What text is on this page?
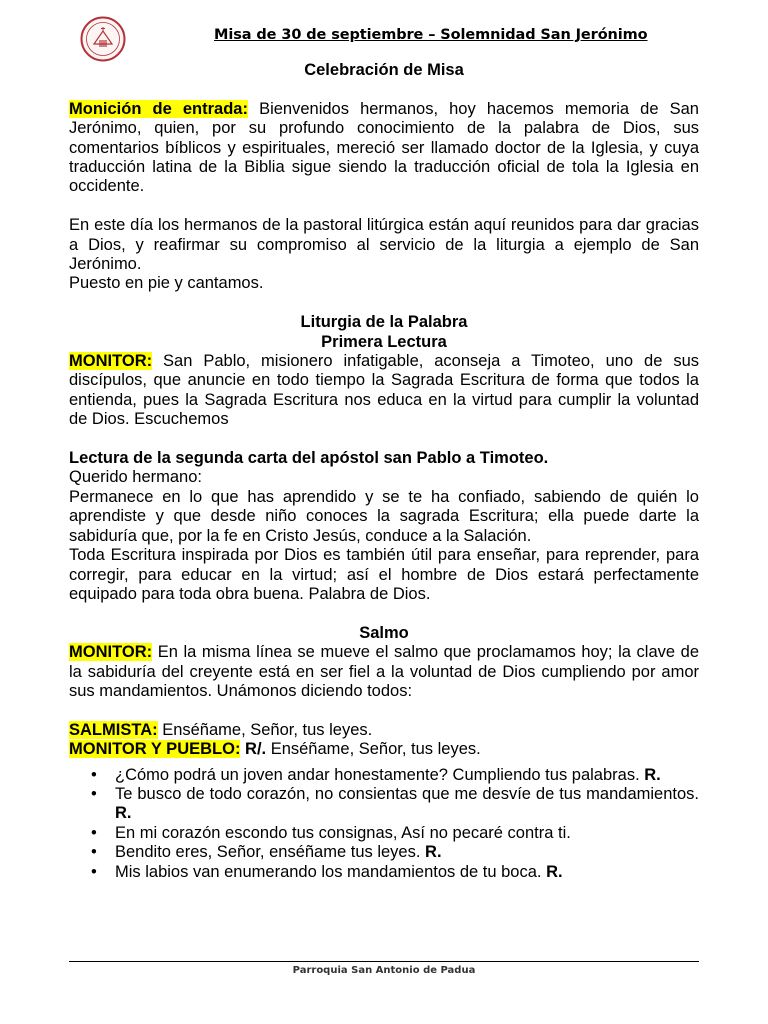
Misa de 30 de septiembre – Solemnidad San Jerónimo

Celebración de Misa

Monición de entrada: Bienvenidos hermanos, hoy hacemos memoria de San Jerónimo, quien, por su profundo conocimiento de la palabra de Dios, sus comentarios bíblicos y espirituales, mereció ser llamado doctor de la Iglesia, y cuya traducción latina de la Biblia sigue siendo la traducción oficial de tola la Iglesia en occidente.

En este día los hermanos de la pastoral litúrgica están aquí reunidos para dar gracias a Dios, y reafirmar su compromiso al servicio de la liturgia a ejemplo de San Jerónimo.

Puesto en pie y cantamos.

Liturgia de la Palabra

Primera Lectura

MONITOR: San Pablo, misionero infatigable, aconseja a Timoteo, uno de sus discípulos, que anuncie en todo tiempo la Sagrada Escritura de forma que todos la entienda, pues la Sagrada Escritura nos educa en la virtud para cumplir la voluntad de Dios. Escuchemos

Lectura de la segunda carta del apóstol san Pablo a Timoteo.

Querido hermano:

Permanece en lo que has aprendido y se te ha confiado, sabiendo de quién lo aprendiste y que desde niño conoces la sagrada Escritura; ella puede darte la sabiduría que, por la fe en Cristo Jesús, conduce a la Salación.

Toda Escritura inspirada por Dios es también útil para enseñar, para reprender, para corregir, para educar en la virtud; así el hombre de Dios estará perfectamente equipado para toda obra buena. Palabra de Dios.

Salmo

MONITOR: En la misma línea se mueve el salmo que proclamamos hoy; la clave de la sabiduría del creyente está en ser fiel a la voluntad de Dios cumpliendo por amor sus mandamientos. Unámonos diciendo todos:

SALMISTA: Enséñame, Señor, tus leyes.

MONITOR Y PUEBLO: R/. Enséñame, Señor, tus leyes.

• ¿Cómo podrá un joven andar honestamente? Cumpliendo tus palabras. R.
• Te busco de todo corazón, no consientas que me desvíe de tus mandamientos. R.
• En mi corazón escondo tus consignas, Así no pecaré contra ti.
• Bendito eres, Señor, enséñame tus leyes. R.
• Mis labios van enumerando los mandamientos de tu boca. R.
Parroquia San Antonio de Padua
